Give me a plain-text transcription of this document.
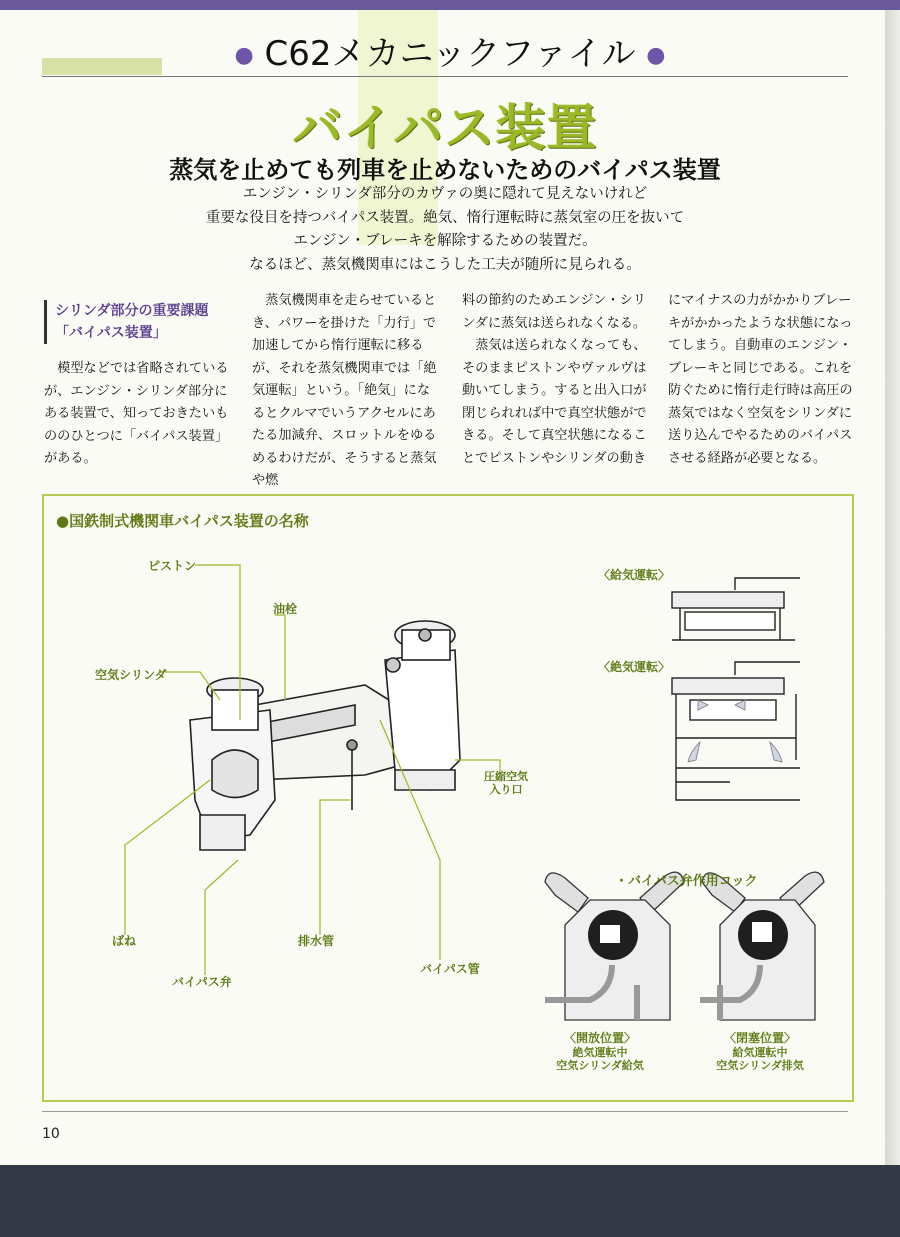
● C62メカニックファイル ●
バイパス装置
蒸気を止めても列車を止めないためのバイパス装置
エンジン・シリンダ部分のカヴァの奥に隠れて見えないけれど
重要な役目を持つバイパス装置。絶気、惰行運転時に蒸気室の圧を抜いて
エンジン・ブレーキを解除するための装置だ。
なるほど、蒸気機関車にはこうした工夫が随所に見られる。
シリンダ部分の重要課題
「バイパス装置」

模型などでは省略されているが、エンジン・シリンダ部分にある装置で、知っておきたいもののひとつに「バイパス装置」がある。

蒸気機関車を走らせているとき、パワーを掛けた「力行」で加速してから惰行運転に移るが、それを蒸気機関車では「絶気運転」という。「絶気」になるとクルマでいうアクセルにあたる加減弁、スロットルをゆるめるわけだが、そうすると蒸気や燃

料の節約のためエンジン・シリンダに蒸気は送られなくなる。

蒸気は送られなくなっても、そのままピストンやヴァルヴは動いてしまう。すると出入口が閉じられれば中で真空状態ができる。そして真空状態になることでピストンやシリンダの動き

にマイナスの力がかかりブレーキがかかったような状態になってしまう。自動車のエンジン・ブレーキと同じである。これを防ぐために惰行走行時は高圧の蒸気ではなく空気をシリンダに送り込んでやるためのバイパスさせる経路が必要となる。

●国鉄制式機関車バイパス装置の名称
ピストン
油栓
空気シリンダ
圧縮空気
入り口
ばね	排水管
バイパス弁
バイパス管
〈給気運転〉
〈絶気運転〉
・バイパス弁作用コック
〈開放位置〉
絶気運転中
空気シリンダ給気
〈閉塞位置〉
給気運転中
空気シリンダ排気
10
